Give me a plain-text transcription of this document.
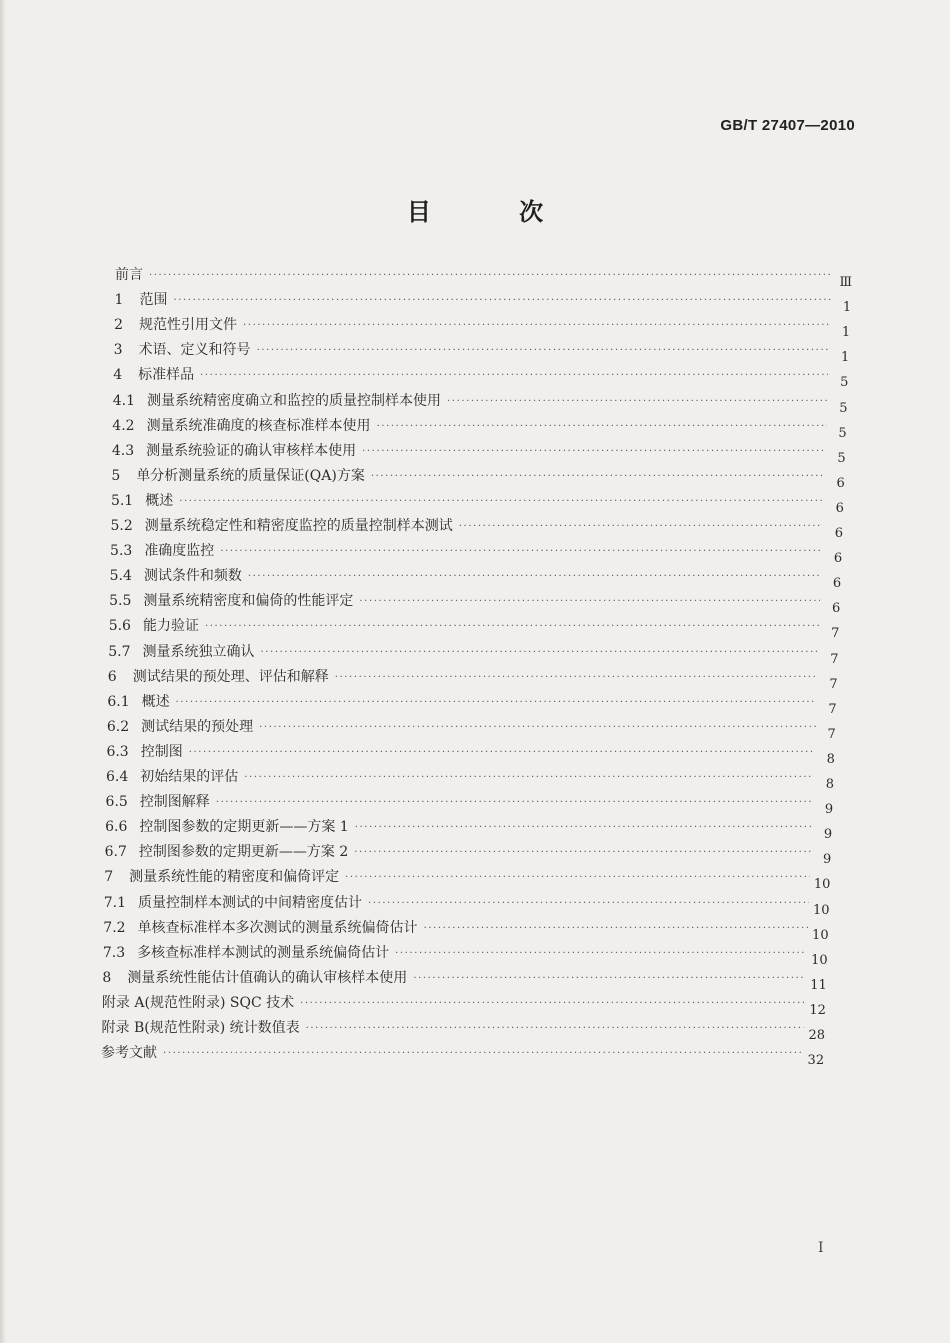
GB/T 27407—2010
目 次
前言 ·····	Ⅲ
1 范围 ·····	1
2 规范性引用文件 ·····	1
3 术语、定义和符号 ·····	1
4 标准样品 ·····	5
4.1 测量系统精密度确立和监控的质量控制样本使用 ·····	5
4.2 测量系统准确度的核查标准样本使用 ·····	5
4.3 测量系统验证的确认审核样本使用 ·····	5
5 单分析测量系统的质量保证(QA)方案 ·····	6
5.1 概述 ·····	6
5.2 测量系统稳定性和精密度监控的质量控制样本测试 ·····	6
5.3 准确度监控 ·····	6
5.4 测试条件和频数 ·····	6
5.5 测量系统精密度和偏倚的性能评定 ·····	6
5.6 能力验证 ·····	7
5.7 测量系统独立确认 ·····	7
6 测试结果的预处理、评估和解释 ·····	7
6.1 概述 ·····	7
6.2 测试结果的预处理 ·····	7
6.3 控制图 ·····	8
6.4 初始结果的评估 ·····	8
6.5 控制图解释 ·····	9
6.6 控制图参数的定期更新——方案 1 ·····	9
6.7 控制图参数的定期更新——方案 2 ·····	9
7 测量系统性能的精密度和偏倚评定 ·····	10
7.1 质量控制样本测试的中间精密度估计 ·····	10
7.2 单核查标准样本多次测试的测量系统偏倚估计 ·····	10
7.3 多核查标准样本测试的测量系统偏倚估计 ·····	10
8 测量系统性能估计值确认的确认审核样本使用 ·····	11
附录 A(规范性附录) SQC 技术 ·····	12
附录 B(规范性附录) 统计数值表 ·····	28
参考文献 ·····	32
I
